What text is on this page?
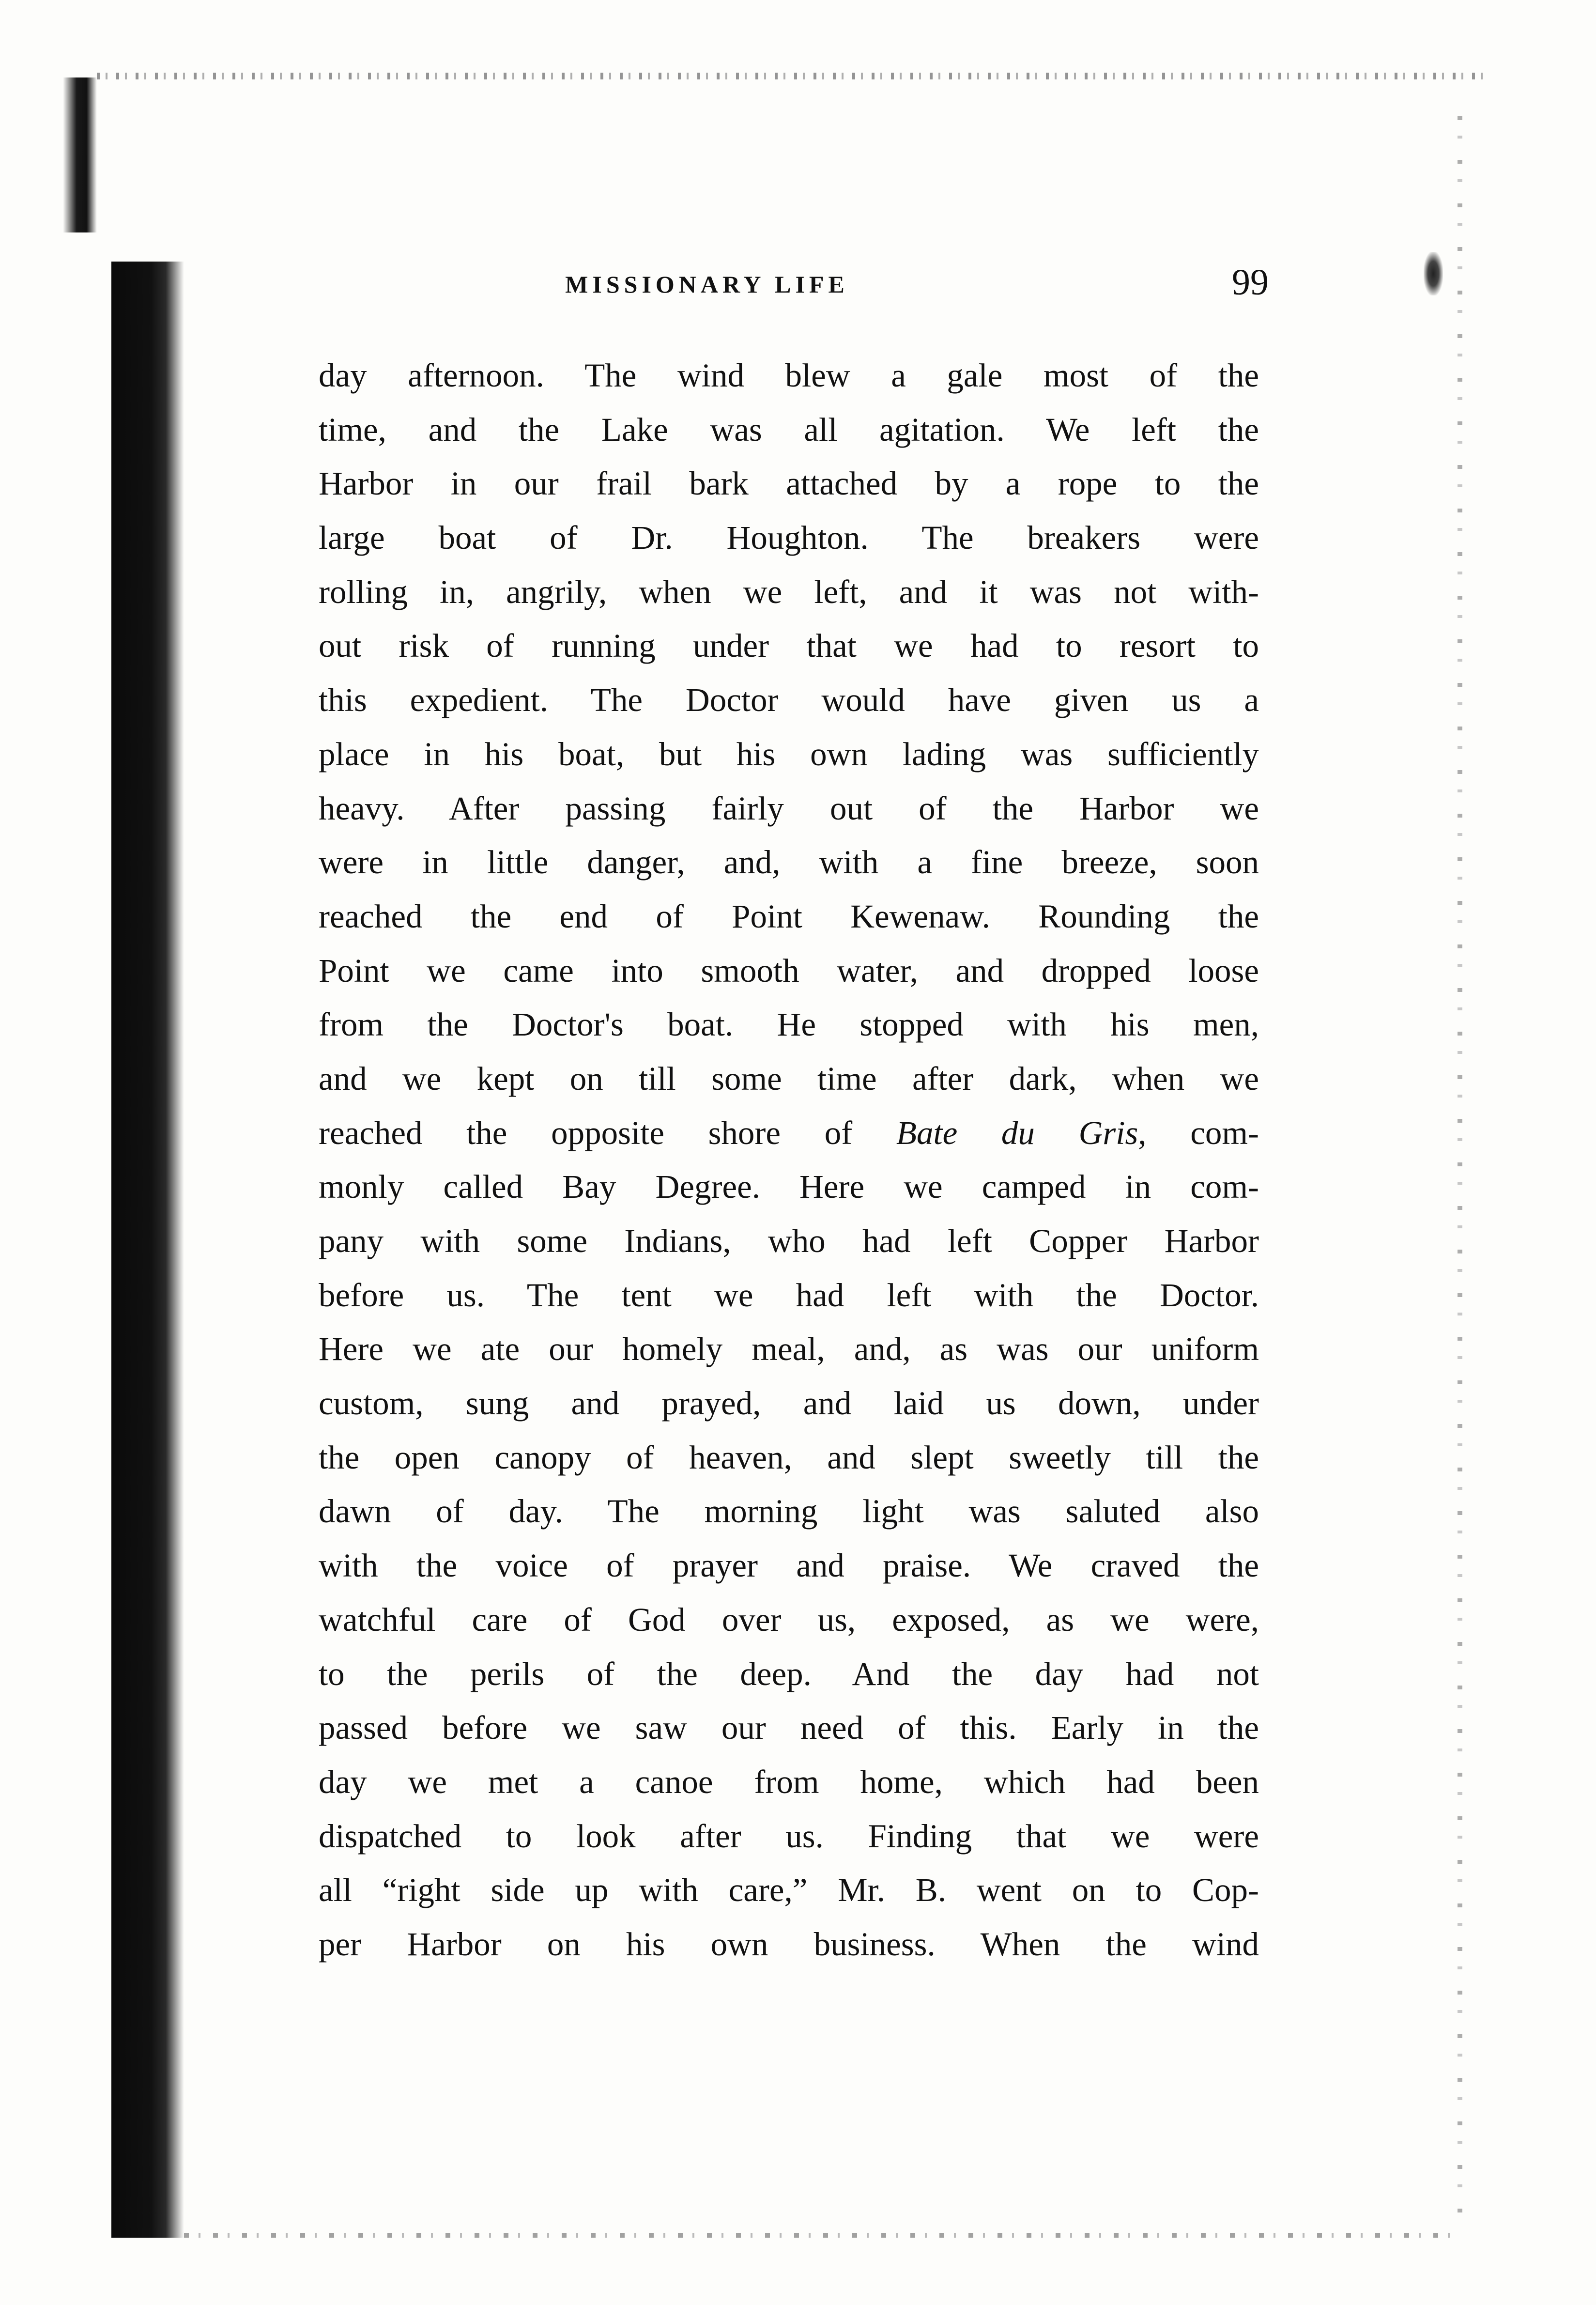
MISSIONARY LIFE	99
day afternoon. The wind blew a gale most of the
time, and the Lake was all agitation. We left the
Harbor in our frail bark attached by a rope to the
large boat of Dr. Houghton. The breakers were
rolling in, angrily, when we left, and it was not with-
out risk of running under that we had to resort to
this expedient. The Doctor would have given us a
place in his boat, but his own lading was sufficiently
heavy. After passing fairly out of the Harbor we
were in little danger, and, with a fine breeze, soon
reached the end of Point Kewenaw. Rounding the
Point we came into smooth water, and dropped loose
from the Doctor's boat. He stopped with his men,
and we kept on till some time after dark, when we
reached the opposite shore of Bate du Gris, com-
monly called Bay Degree. Here we camped in com-
pany with some Indians, who had left Copper Harbor
before us. The tent we had left with the Doctor.
Here we ate our homely meal, and, as was our uniform
custom, sung and prayed, and laid us down, under
the open canopy of heaven, and slept sweetly till the
dawn of day. The morning light was saluted also
with the voice of prayer and praise. We craved the
watchful care of God over us, exposed, as we were,
to the perils of the deep. And the day had not
passed before we saw our need of this. Early in the
day we met a canoe from home, which had been
dispatched to look after us. Finding that we were
all “right side up with care,” Mr. B. went on to Cop-
per Harbor on his own business. When the wind
